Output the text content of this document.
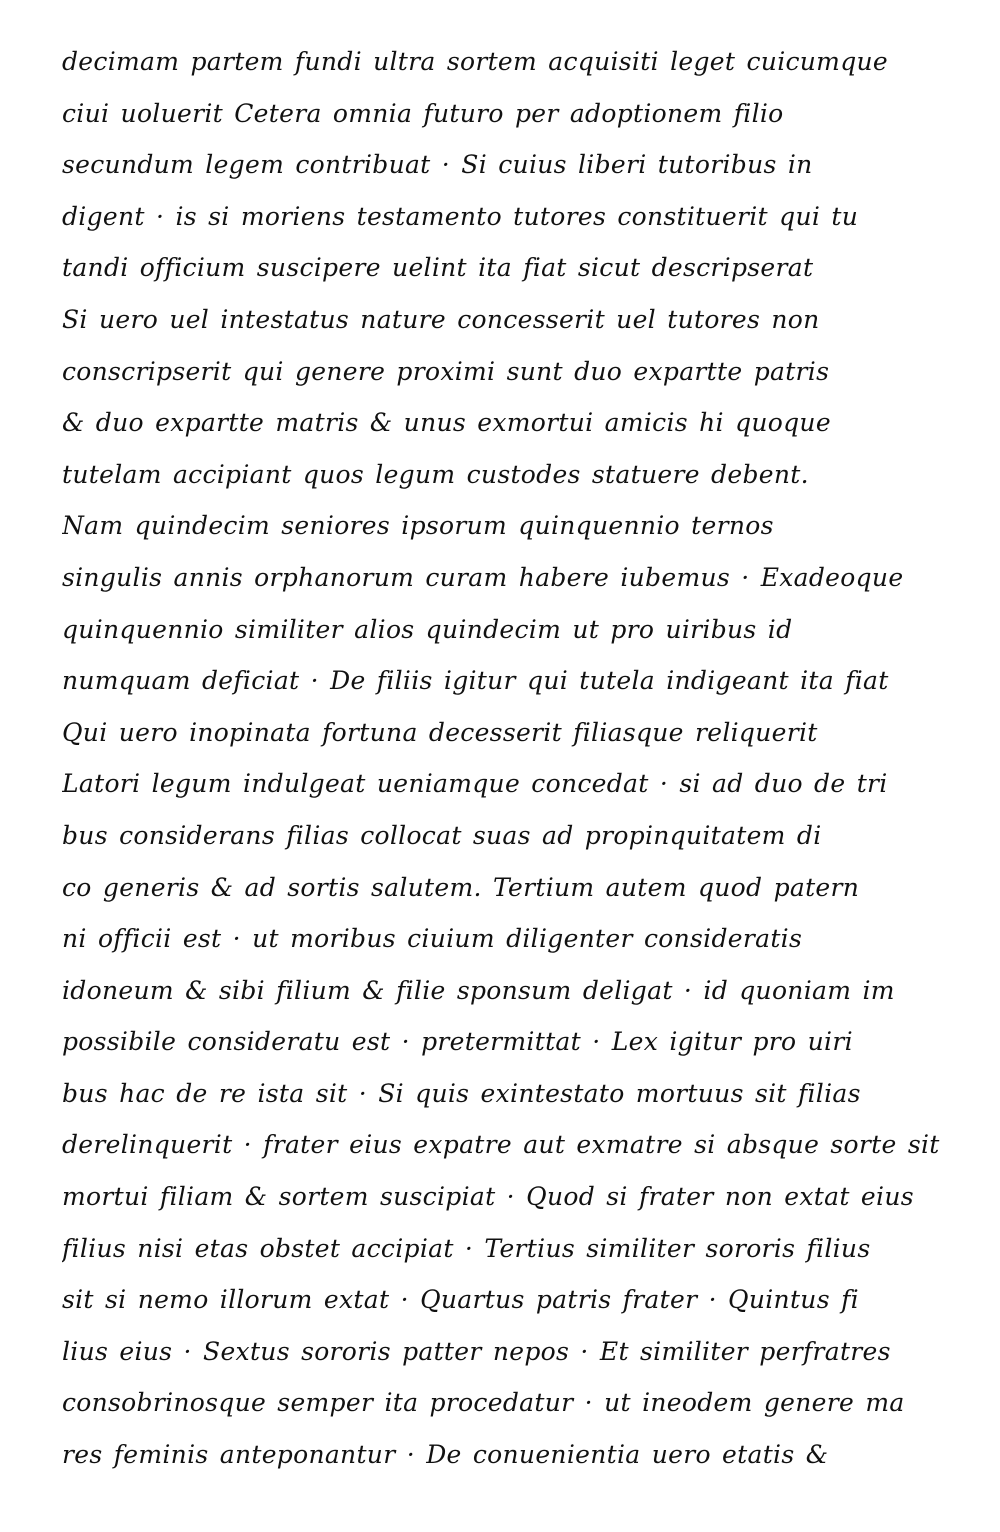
decimam partem fundi ultra sortem acquisiti leget cuicumque
ciui uoluerit Cetera omnia futuro per adoptionem filio
secundum legem contribuat · Si cuius liberi tutoribus in
digent · is si moriens testamento tutores constituerit qui tu
tandi officium suscipere uelint ita fiat sicut descripserat
Si uero uel intestatus nature concesserit uel tutores non
conscripserit qui genere proximi sunt duo expartte patris
& duo expartte matris & unus exmortui amicis hi quoque
tutelam accipiant quos legum custodes statuere debent.
Nam quindecim seniores ipsorum quinquennio ternos
singulis annis orphanorum curam habere iubemus · Exadeoque
quinquennio similiter alios quindecim ut pro uiribus id
numquam deficiat · De filiis igitur qui tutela indigeant ita fiat
Qui uero inopinata fortuna decesserit filiasque reliquerit
Latori legum indulgeat ueniamque concedat · si ad duo de tri
bus considerans filias collocat suas ad propinquitatem di
co generis & ad sortis salutem. Tertium autem quod patern
ni officii est · ut moribus ciuium diligenter consideratis
idoneum & sibi filium & filie sponsum deligat · id quoniam im
possibile consideratu est · pretermittat · Lex igitur pro uiri
bus hac de re ista sit · Si quis exintestato mortuus sit filias
derelinquerit · frater eius expatre aut exmatre si absque sorte sit
mortui filiam & sortem suscipiat · Quod si frater non extat eius
filius nisi etas obstet accipiat · Tertius similiter sororis filius
sit si nemo illorum extat · Quartus patris frater · Quintus fi
lius eius · Sextus sororis patter nepos · Et similiter perfratres
consobrinosque semper ita procedatur · ut ineodem genere ma
res feminis anteponantur · De conuenientia uero etatis &
